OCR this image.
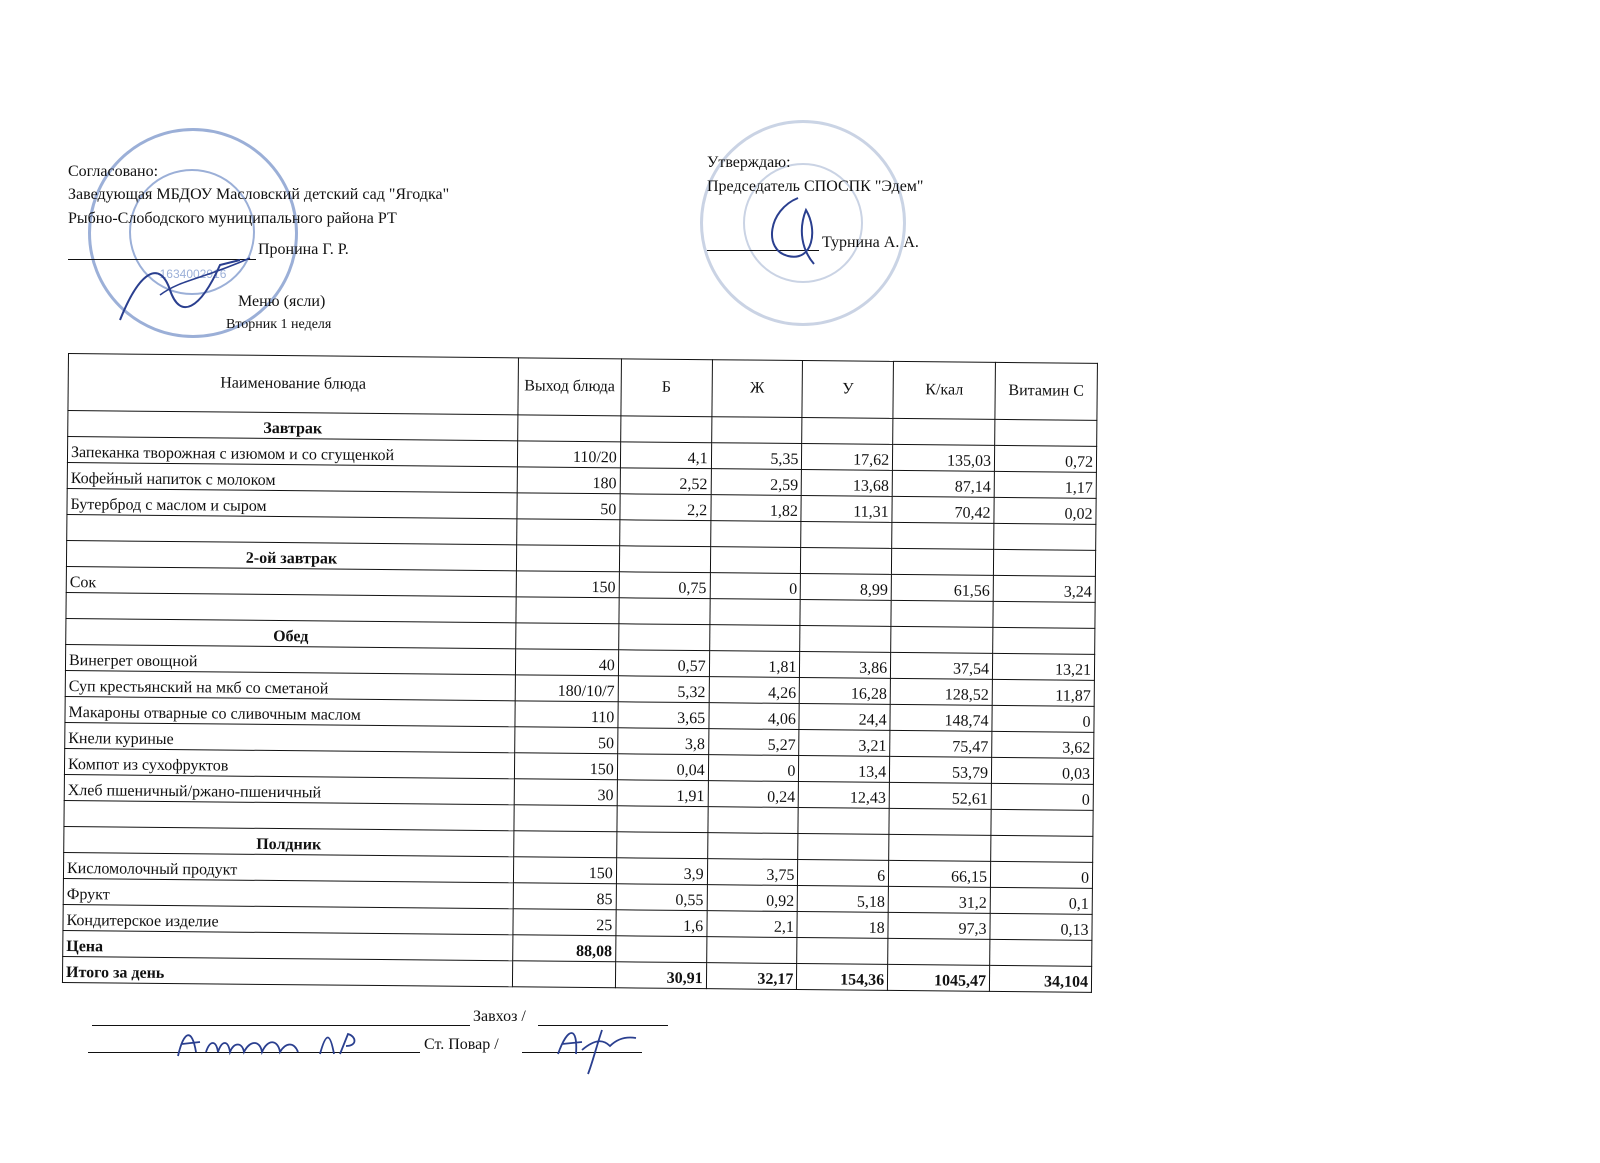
1634002916
Согласовано:
Заведующая МБДОУ Масловский детский сад "Ягодка"
Рыбно-Слободского муниципального района РТ
Пронина Г. Р.
Утверждаю:
Председатель СПОСПК "Эдем"
Турнина А. А.
Меню (ясли)
Вторник 1 неделя
Наименование блюда	Выход блюда	Б	Ж	У	К/кал	Витамин С
Завтрак						
Запеканка творожная с изюмом и со сгущенкой	110/20	4,1	5,35	17,62	135,03	0,72
Кофейный напиток с молоком	180	2,52	2,59	13,68	87,14	1,17
Бутерброд с маслом и сыром	50	2,2	1,82	11,31	70,42	0,02

2-ой завтрак						
Сок	150	0,75	0	8,99	61,56	3,24

Обед						
Винегрет овощной	40	0,57	1,81	3,86	37,54	13,21
Суп крестьянский на мкб со сметаной	180/10/7	5,32	4,26	16,28	128,52	11,87
Макароны отварные со сливочным маслом	110	3,65	4,06	24,4	148,74	0
Кнели куриные	50	3,8	5,27	3,21	75,47	3,62
Компот из сухофруктов	150	0,04	0	13,4	53,79	0,03
Хлеб пшеничный/ржано-пшеничный	30	1,91	0,24	12,43	52,61	0

Полдник						
Кисломолочный продукт	150	3,9	3,75	6	66,15	0
Фрукт	85	0,55	0,92	5,18	31,2	0,1
Кондитерское изделие	25	1,6	2,1	18	97,3	0,13
Цена	88,08					
Итого за день		30,91	32,17	154,36	1045,47	34,104
Завхоз /
Ст. Повар /
